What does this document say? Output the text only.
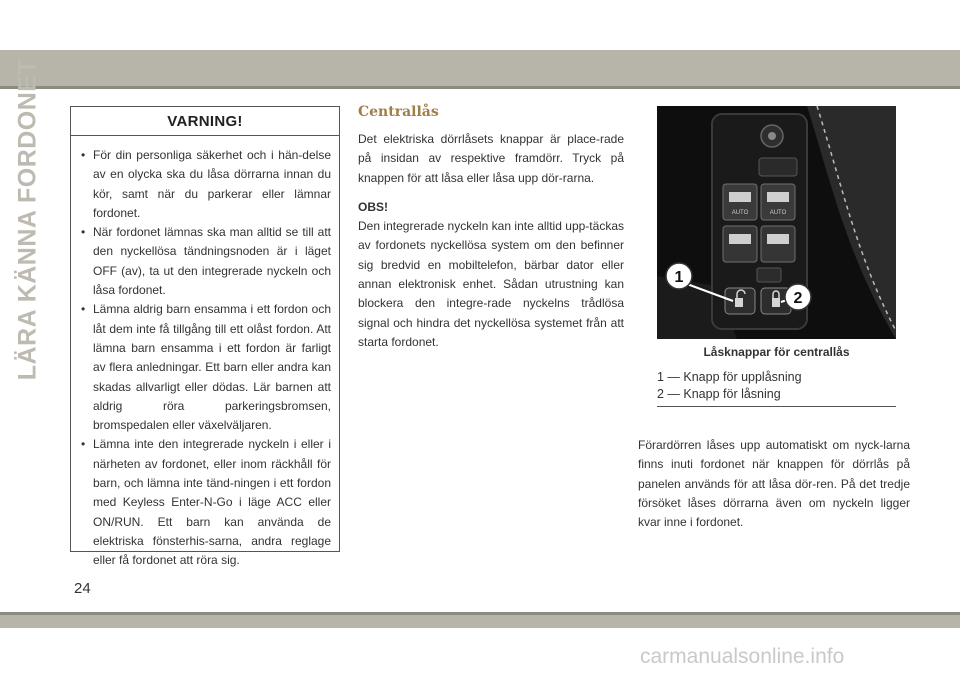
LÄRA KÄNNA FORDONET	VARNING!
• För din personliga säkerhet och i hän-delse av en olycka ska du låsa dörrarna innan du kör, samt när du parkerar eller lämnar fordonet.
• När fordonet lämnas ska man alltid se till att den nyckellösa tändningsnoden är i läget OFF (av), ta ut den integrerade nyckeln och låsa fordonet.
• Lämna aldrig barn ensamma i ett fordon och låt dem inte få tillgång till ett olåst fordon. Att lämna barn ensamma i ett fordon är farligt av flera anledningar. Ett barn eller andra kan skadas allvarligt eller dödas. Lär barnen att aldrig röra parkeringsbromsen, bromspedalen eller växelväljaren.
• Lämna inte den integrerade nyckeln i eller i närheten av fordonet, eller inom räckhåll för barn, och lämna inte tänd-ningen i ett fordon med Keyless Enter-N-Go i läge ACC eller ON/RUN. Ett barn kan använda de elektriska fönsterhis-sarna, andra reglage eller få fordonet att röra sig.
Centrallås

Det elektriska dörrlåsets knappar är place-rade på insidan av respektive framdörr. Tryck på knappen för att låsa eller låsa upp dör-rarna.

OBS!
Den integrerade nyckeln kan inte alltid upp-täckas av fordonets nyckellösa system om den befinner sig bredvid en mobiltelefon, bärbar dator eller annan elektronisk enhet. Sådan utrustning kan blockera den integre-rade nyckelns trådlösa signal och hindra det nyckellösa systemet från att starta fordonet.

AUTO	AUTO
1
2
Låsknappar för centrallås
1 — Knapp för upplåsning
2 — Knapp för låsning

Förardörren låses upp automatiskt om nyck-larna finns inuti fordonet när knappen för dörrlås på panelen används för att låsa dör-ren. På det tredje försöket låses dörrarna även om nyckeln ligger kvar inne i fordonet.

24
carmanualsonline.info
